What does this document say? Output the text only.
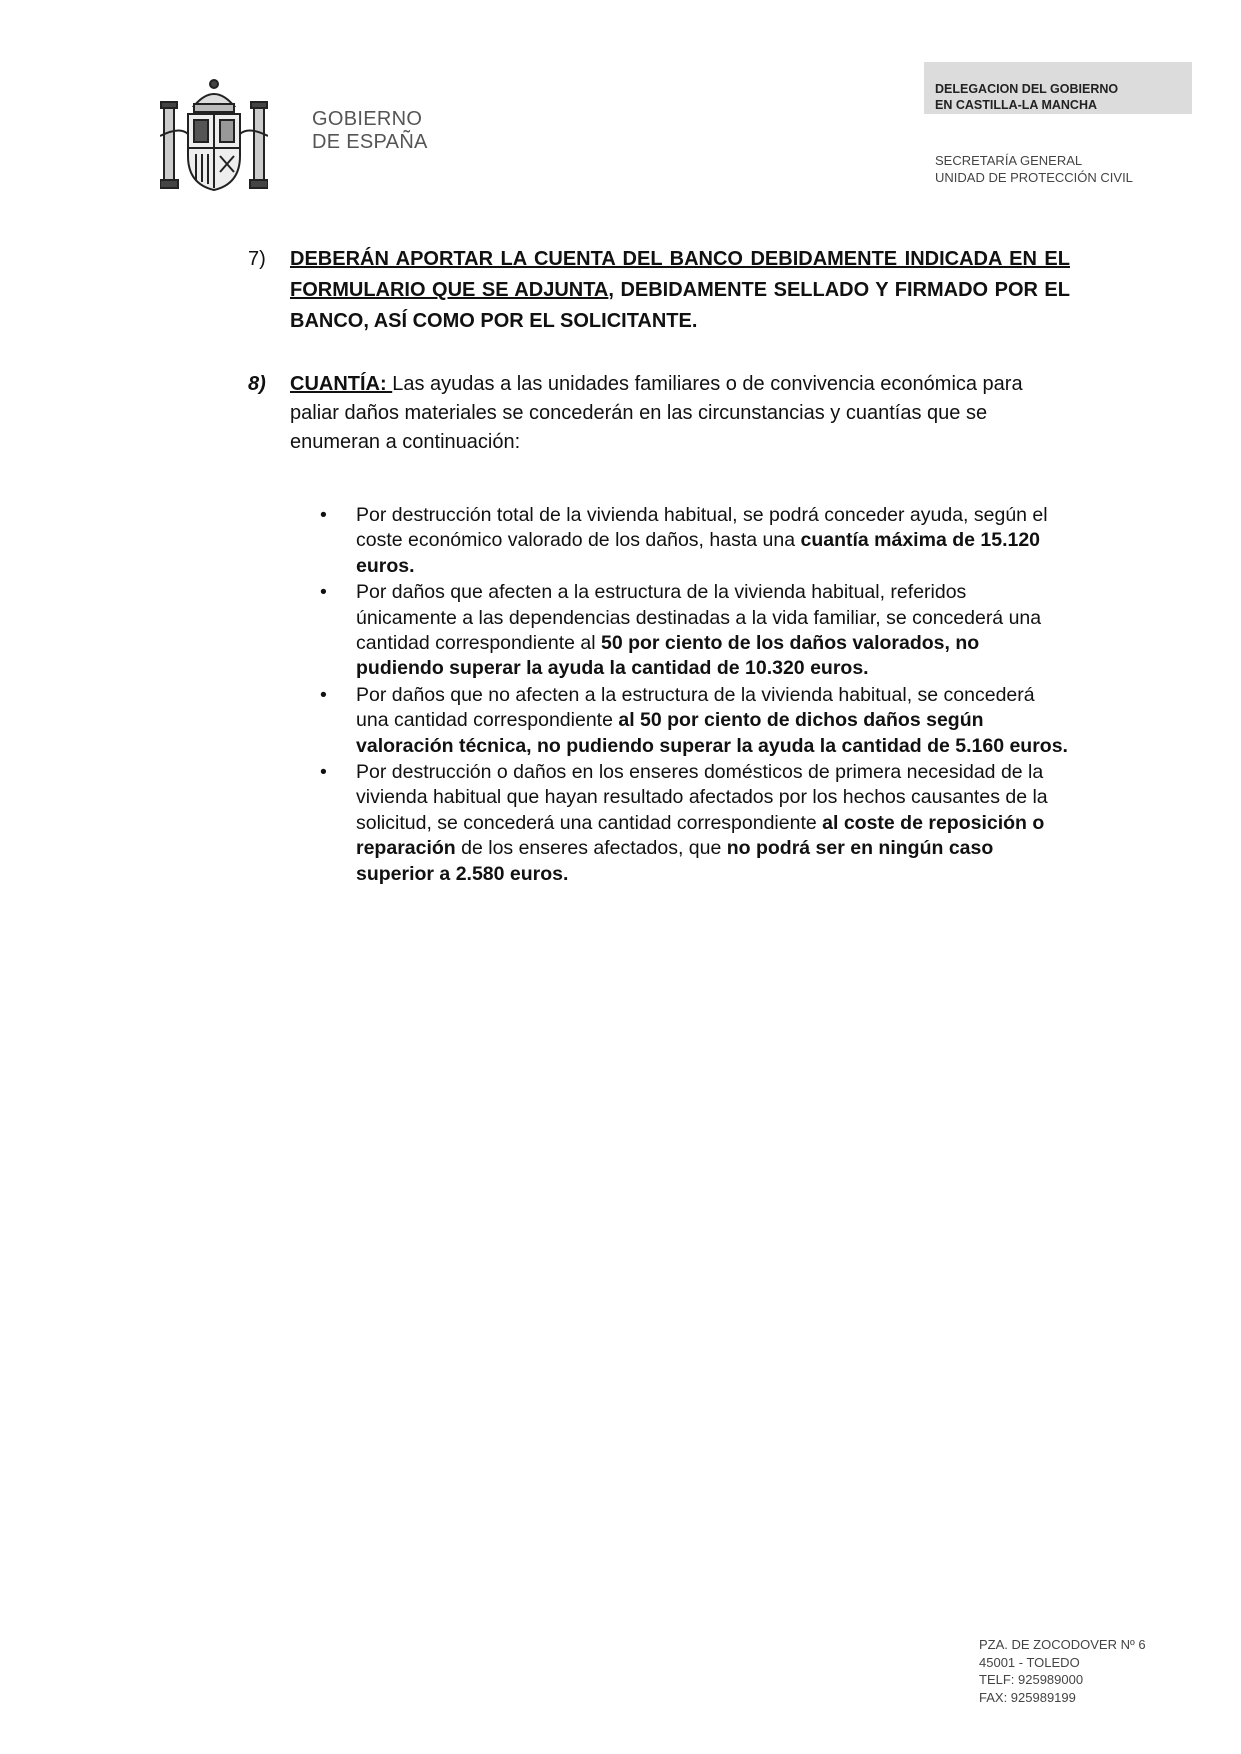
GOBIERNO
DE ESPAÑA
DELEGACION DEL GOBIERNO
EN CASTILLA-LA MANCHA
SECRETARÍA GENERAL
UNIDAD DE PROTECCIÓN CIVIL
7) DEBERÁN APORTAR LA CUENTA DEL BANCO DEBIDAMENTE INDICADA EN EL FORMULARIO QUE SE ADJUNTA, DEBIDAMENTE SELLADO Y FIRMADO POR EL BANCO, ASÍ COMO POR EL SOLICITANTE.
8) CUANTÍA: Las ayudas a las unidades familiares o de convivencia económica para paliar daños materiales se concederán en las circunstancias y cuantías que se enumeran a continuación:
• Por destrucción total de la vivienda habitual, se podrá conceder ayuda, según el coste económico valorado de los daños, hasta una cuantía máxima de 15.120 euros.
• Por daños que afecten a la estructura de la vivienda habitual, referidos únicamente a las dependencias destinadas a la vida familiar, se concederá una cantidad correspondiente al 50 por ciento de los daños valorados, no pudiendo superar la ayuda la cantidad de 10.320 euros.
• Por daños que no afecten a la estructura de la vivienda habitual, se concederá una cantidad correspondiente al 50 por ciento de dichos daños según valoración técnica, no pudiendo superar la ayuda la cantidad de 5.160 euros.
• Por destrucción o daños en los enseres domésticos de primera necesidad de la vivienda habitual que hayan resultado afectados por los hechos causantes de la solicitud, se concederá una cantidad correspondiente al coste de reposición o reparación de los enseres afectados, que no podrá ser en ningún caso superior a 2.580 euros.
PZA. DE ZOCODOVER Nº 6
45001 - TOLEDO
TELF: 925989000
FAX: 925989199
